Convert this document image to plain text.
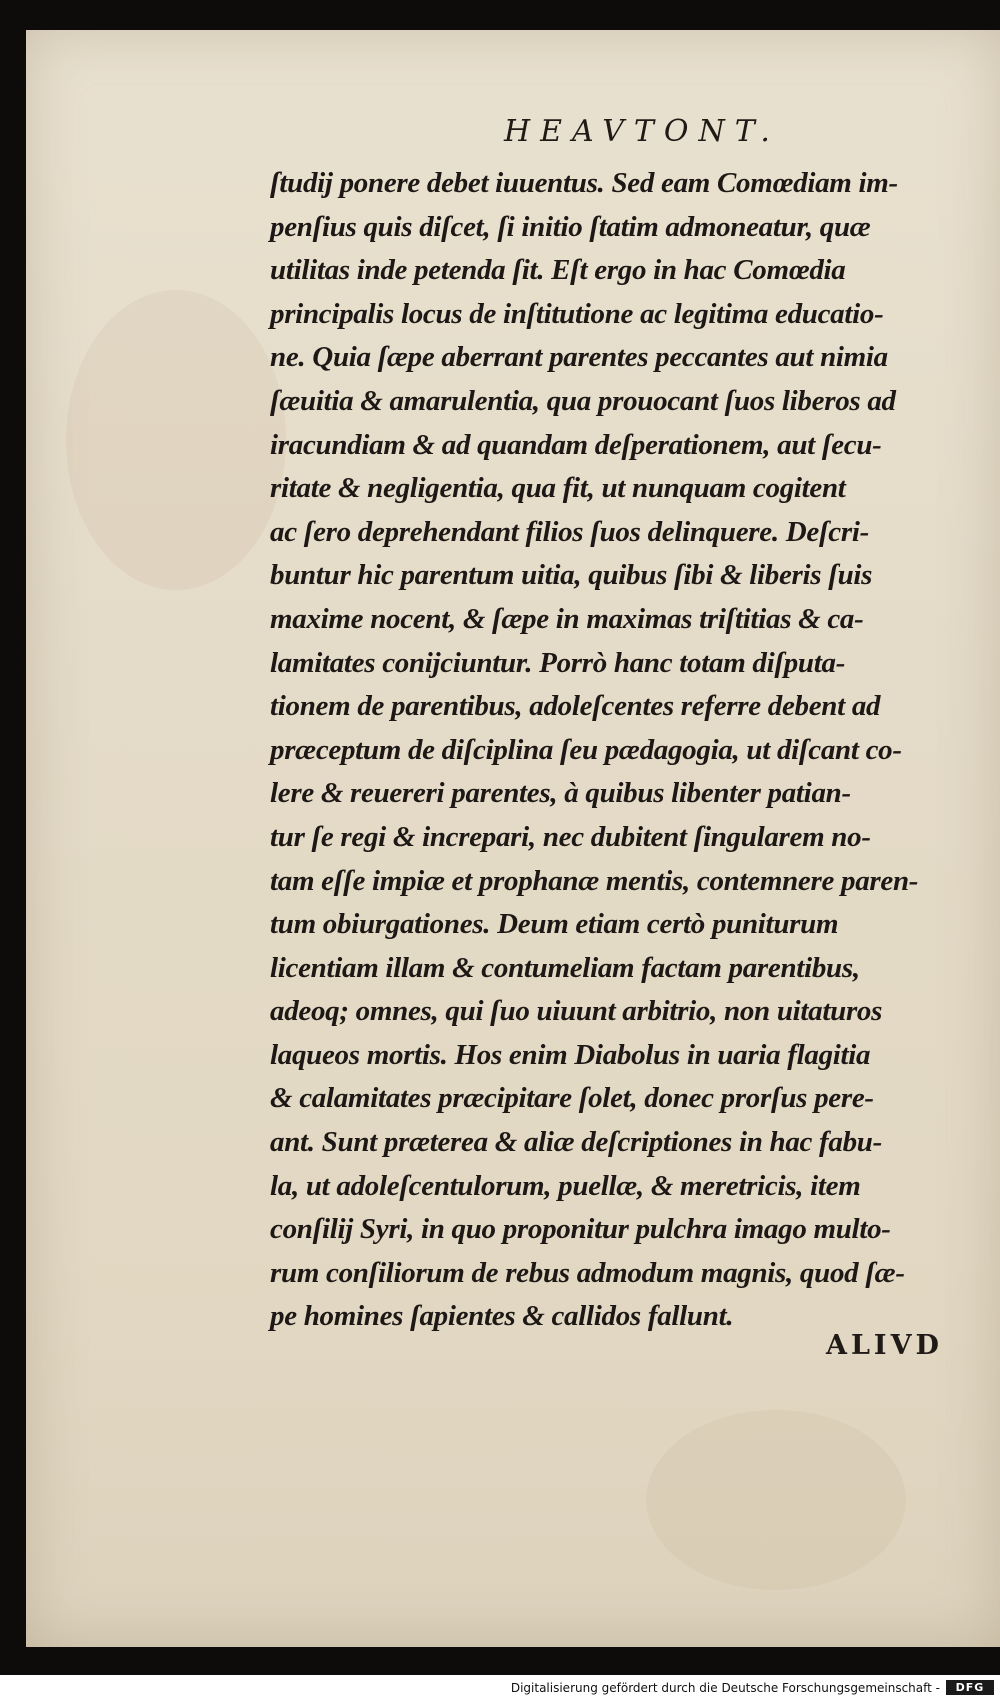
HEAVTONT.
ſtudij ponere debet iuuentus. Sed eam Comœdiam im-
penſius quis diſcet, ſi initio ſtatim admoneatur, quæ
utilitas inde petenda ſit. Eſt ergo in hac Comœdia
principalis locus de inſtitutione ac legitima educatio-
ne. Quia ſæpe aberrant parentes peccantes aut nimia
ſæuitia & amarulentia, qua prouocant ſuos liberos ad
iracundiam & ad quandam deſperationem, aut ſecu-
ritate & negligentia, qua fit, ut nunquam cogitent
ac ſero deprehendant filios ſuos delinquere. Deſcri-
buntur hic parentum uitia, quibus ſibi & liberis ſuis
maxime nocent, & ſæpe in maximas triſtitias & ca-
lamitates conijciuntur. Porrò hanc totam diſputa-
tionem de parentibus, adoleſcentes referre debent ad
præceptum de diſciplina ſeu pædagogia, ut diſcant co-
lere & reuereri parentes, à quibus libenter patian-
tur ſe regi & increpari, nec dubitent ſingularem no-
tam eſſe impiæ et prophanæ mentis, contemnere paren-
tum obiurgationes. Deum etiam certò puniturum
licentiam illam & contumeliam factam parentibus,
adeoq; omnes, qui ſuo uiuunt arbitrio, non uitaturos
laqueos mortis. Hos enim Diabolus in uaria flagitia
& calamitates præcipitare ſolet, donec prorſus pere-
ant. Sunt præterea & aliæ deſcriptiones in hac fabu-
la, ut adoleſcentulorum, puellæ, & meretricis, item
conſilij Syri, in quo proponitur pulchra imago multo-
rum conſiliorum de rebus admodum magnis, quod ſæ-
pe homines ſapientes & callidos fallunt.
ALIVD
Digitalisierung gefördert durch die Deutsche Forschungsgemeinschaft -	DFG
